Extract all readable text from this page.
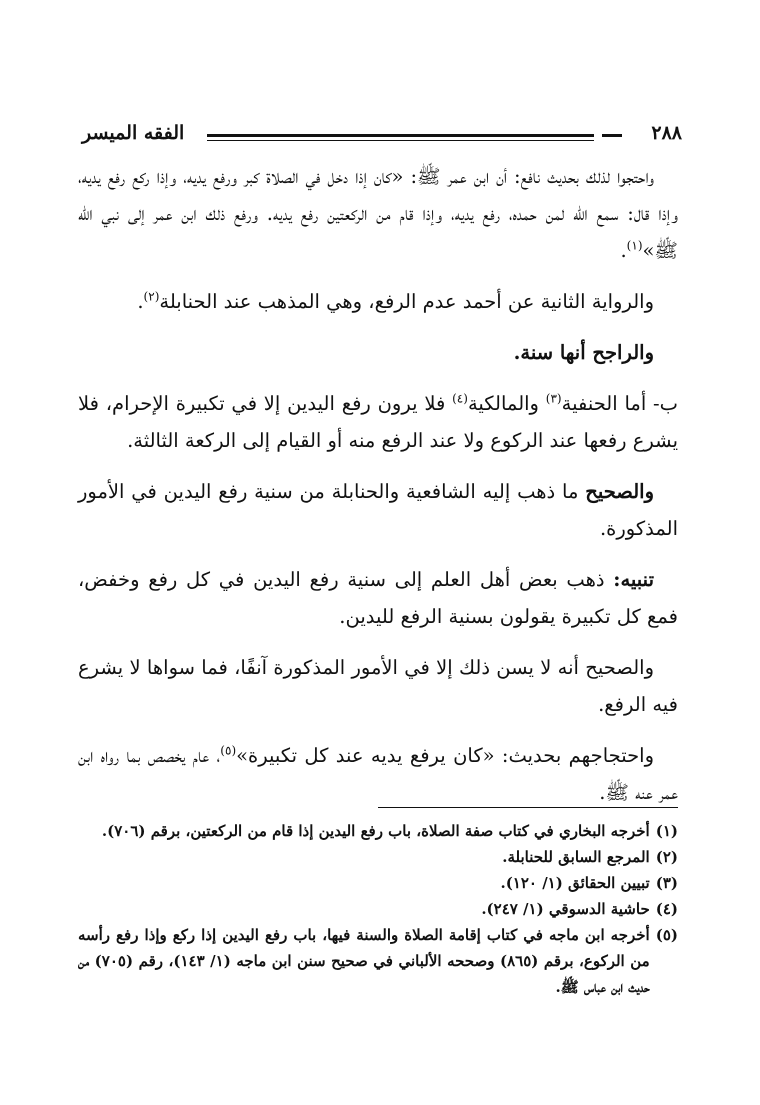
٢٨٨
الفقه الميسر

واحتجوا لذلك بحديث نافع: أن ابن عمر ﷺ: «كان إذا دخل في الصلاة كبر ورفع يديه، وإذا ركع رفع يديه، وإذا قال: سمع الله لمن حمده، رفع يديه، وإذا قام من الركعتين رفع يديه. ورفع ذلك ابن عمر إلى نبي الله ﷺ»$^{(١)}$.

والرواية الثانية عن أحمد عدم الرفع، وهي المذهب عند الحنابلة$^{(٢)}$.

والراجح أنها سنة.

ب- أما الحنفية$^{(٣)}$ والمالكية$^{(٤)}$ فلا يرون رفع اليدين إلا في تكبيرة الإحرام، فلا يشرع رفعها عند الركوع ولا عند الرفع منه أو القيام إلى الركعة الثالثة.

والصحيح ما ذهب إليه الشافعية والحنابلة من سنية رفع اليدين في الأمور المذكورة.

تنبيه: ذهب بعض أهل العلم إلى سنية رفع اليدين في كل رفع وخفض، فمع كل تكبيرة يقولون بسنية الرفع لليدين.

والصحيح أنه لا يسن ذلك إلا في الأمور المذكورة آنفًا، فما سواها لا يشرع فيه الرفع.

واحتجاجهم بحديث: «كان يرفع يديه عند كل تكبيرة»$^{(٥)}$، عام يخصص بما رواه ابن عمر عنه ﷺ.

(١)
أخرجه البخاري في كتاب صفة الصلاة، باب رفع اليدين إذا قام من الركعتين، برقم (٧٠٦).
(٢)
المرجع السابق للحنابلة.
(٣)
تبيين الحقائق (١/ ١٢٠).
(٤)
حاشية الدسوقي (١/ ٢٤٧).
(٥)
أخرجه ابن ماجه في كتاب إقامة الصلاة والسنة فيها، باب رفع اليدين إذا ركع وإذا رفع رأسه من الركوع، برقم (٨٦٥) وصححه الألباني في صحيح سنن ابن ماجه (١/ ١٤٣)، رقم (٧٠٥) من حديث ابن عباس ﷺ.
